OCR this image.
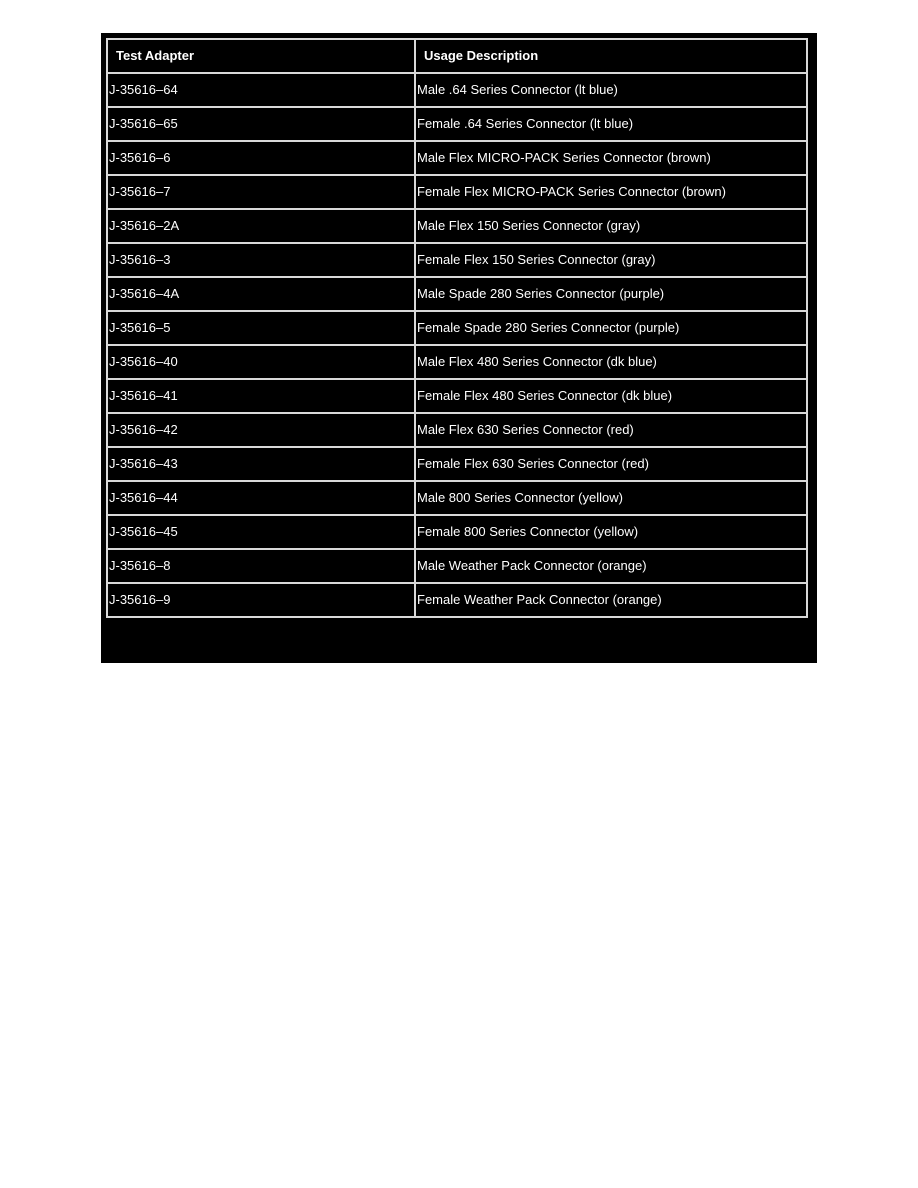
Test Adapter	Usage Description
J-35616–64	Male .64 Series Connector (lt blue)
J-35616–65	Female .64 Series Connector (lt blue)
J-35616–6	Male Flex MICRO-PACK Series Connector (brown)
J-35616–7	Female Flex MICRO-PACK Series Connector (brown)
J-35616–2A	Male Flex 150 Series Connector (gray)
J-35616–3	Female Flex 150 Series Connector (gray)
J-35616–4A	Male Spade 280 Series Connector (purple)
J-35616–5	Female Spade 280 Series Connector (purple)
J-35616–40	Male Flex 480 Series Connector (dk blue)
J-35616–41	Female Flex 480 Series Connector (dk blue)
J-35616–42	Male Flex 630 Series Connector (red)
J-35616–43	Female Flex 630 Series Connector (red)
J-35616–44	Male 800 Series Connector (yellow)
J-35616–45	Female 800 Series Connector (yellow)
J-35616–8	Male Weather Pack Connector (orange)
J-35616–9	Female Weather Pack Connector (orange)
